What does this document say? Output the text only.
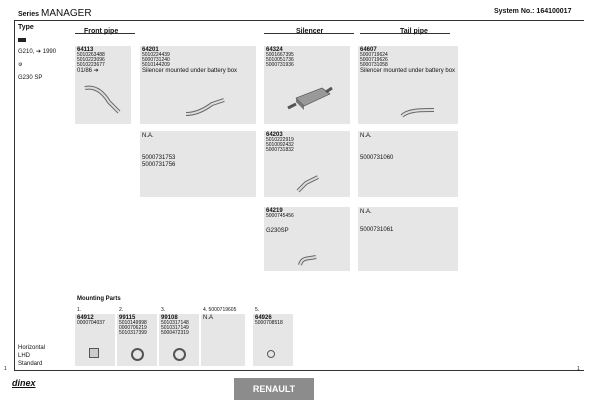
Series MANAGER	System No.: 164100017
Type
G210, ➔ 1990
⚙
G230 SP
Horizontal
LHD
Standard
Front pipe	Silencer	Tail pipe
64113
5010263488
5010223096
5010223677
01/86 ➔
64201
5010224439
5000731240
5010144209
Silencer mounted under battery box
N.A.
5000731753
5000731756
64324
5001667395
5010051736
5000731936
64203
5010222919
5010092432
5000731832
64219
5000745456
G230SP
64607
5000719624
5000719626
5000731058
Silencer mounted under battery box
N.A.
5000731060
N.A.
5000731061
Mounting Parts
1.
64912
0000704037
2.
99115
5010149998
0000706219
5010317399
3.
99108
5010317148
5010317149
5000472319
4. 5000719605
N.A
5.
64926
5000708518
1	1
dinex
RENAULT
